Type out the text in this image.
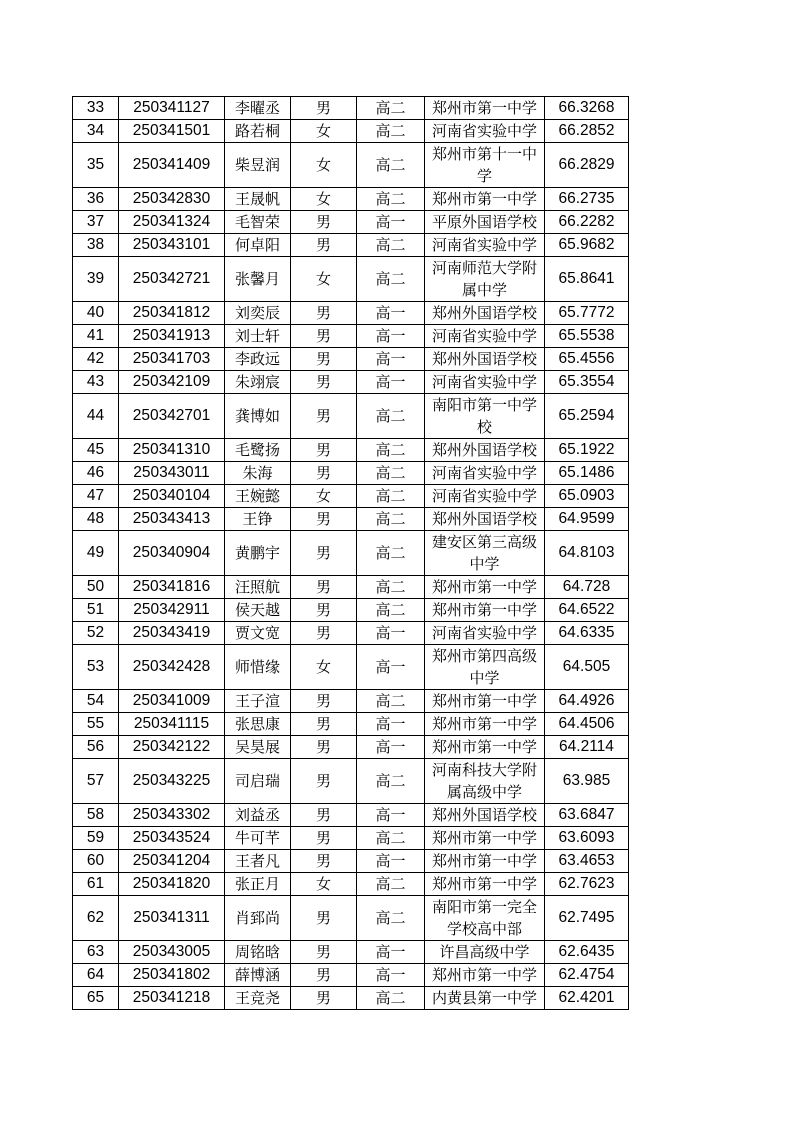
33	250341127	李曜丞	男	高二	郑州市第一中学	66.3268
34	250341501	路若桐	女	高二	河南省实验中学	66.2852
35	250341409	柴昱润	女	高二	郑州市第十一中学	66.2829
36	250342830	王晟帆	女	高二	郑州市第一中学	66.2735
37	250341324	毛智荣	男	高一	平原外国语学校	66.2282
38	250343101	何卓阳	男	高二	河南省实验中学	65.9682
39	250342721	张馨月	女	高二	河南师范大学附属中学	65.8641
40	250341812	刘奕辰	男	高一	郑州外国语学校	65.7772
41	250341913	刘士轩	男	高一	河南省实验中学	65.5538
42	250341703	李政远	男	高一	郑州外国语学校	65.4556
43	250342109	朱翊宸	男	高一	河南省实验中学	65.3554
44	250342701	龚博如	男	高二	南阳市第一中学校	65.2594
45	250341310	毛鹭扬	男	高二	郑州外国语学校	65.1922
46	250343011	朱海	男	高二	河南省实验中学	65.1486
47	250340104	王婉懿	女	高二	河南省实验中学	65.0903
48	250343413	王铮	男	高二	郑州外国语学校	64.9599
49	250340904	黄鹏宇	男	高二	建安区第三高级中学	64.8103
50	250341816	汪照航	男	高二	郑州市第一中学	64.728
51	250342911	侯天越	男	高二	郑州市第一中学	64.6522
52	250343419	贾文宽	男	高一	河南省实验中学	64.6335
53	250342428	师惜缘	女	高一	郑州市第四高级中学	64.505
54	250341009	王子渲	男	高二	郑州市第一中学	64.4926
55	250341115	张思康	男	高一	郑州市第一中学	64.4506
56	250342122	吴昊展	男	高一	郑州市第一中学	64.2114
57	250343225	司启瑞	男	高二	河南科技大学附属高级中学	63.985
58	250343302	刘益丞	男	高一	郑州外国语学校	63.6847
59	250343524	牛可芊	男	高二	郑州市第一中学	63.6093
60	250341204	王者凡	男	高一	郑州市第一中学	63.4653
61	250341820	张正月	女	高二	郑州市第一中学	62.7623
62	250341311	肖郅尚	男	高二	南阳市第一完全学校高中部	62.7495
63	250343005	周铭晗	男	高一	许昌高级中学	62.6435
64	250341802	薛博涵	男	高一	郑州市第一中学	62.4754
65	250341218	王竞尧	男	高二	内黄县第一中学	62.4201
